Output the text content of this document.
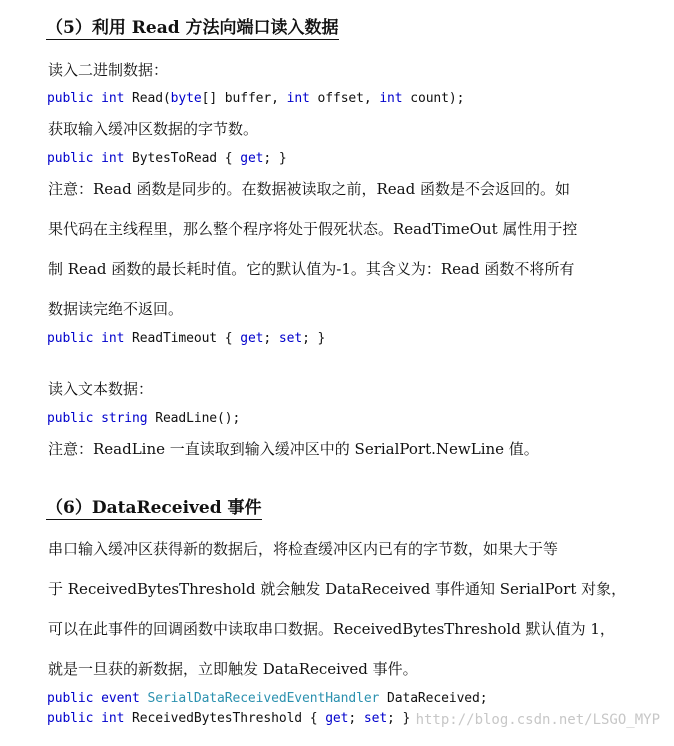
（5）利用 Read 方法向端口读入数据
读入二进制数据：
public int Read(byte[] buffer, int offset, int count);
获取输入缓冲区数据的字节数。
public int BytesToRead { get; }
注意：Read 函数是同步的。在数据被读取之前，Read 函数是不会返回的。如
果代码在主线程里，那么整个程序将处于假死状态。ReadTimeOut 属性用于控
制 Read 函数的最长耗时值。它的默认值为-1。其含义为：Read 函数不将所有
数据读完绝不返回。
public int ReadTimeout { get; set; }
读入文本数据：
public string ReadLine();
注意：ReadLine 一直读取到输入缓冲区中的 SerialPort.NewLine 值。
（6）DataReceived 事件
串口输入缓冲区获得新的数据后，将检查缓冲区内已有的字节数，如果大于等
于 ReceivedBytesThreshold 就会触发 DataReceived 事件通知 SerialPort 对象，
可以在此事件的回调函数中读取串口数据。ReceivedBytesThreshold 默认值为 1，
就是一旦获的新数据，立即触发 DataReceived 事件。
public event SerialDataReceivedEventHandler DataReceived;
public int ReceivedBytesThreshold { get; set; } http://blog.csdn.net/LSGO_MYP
